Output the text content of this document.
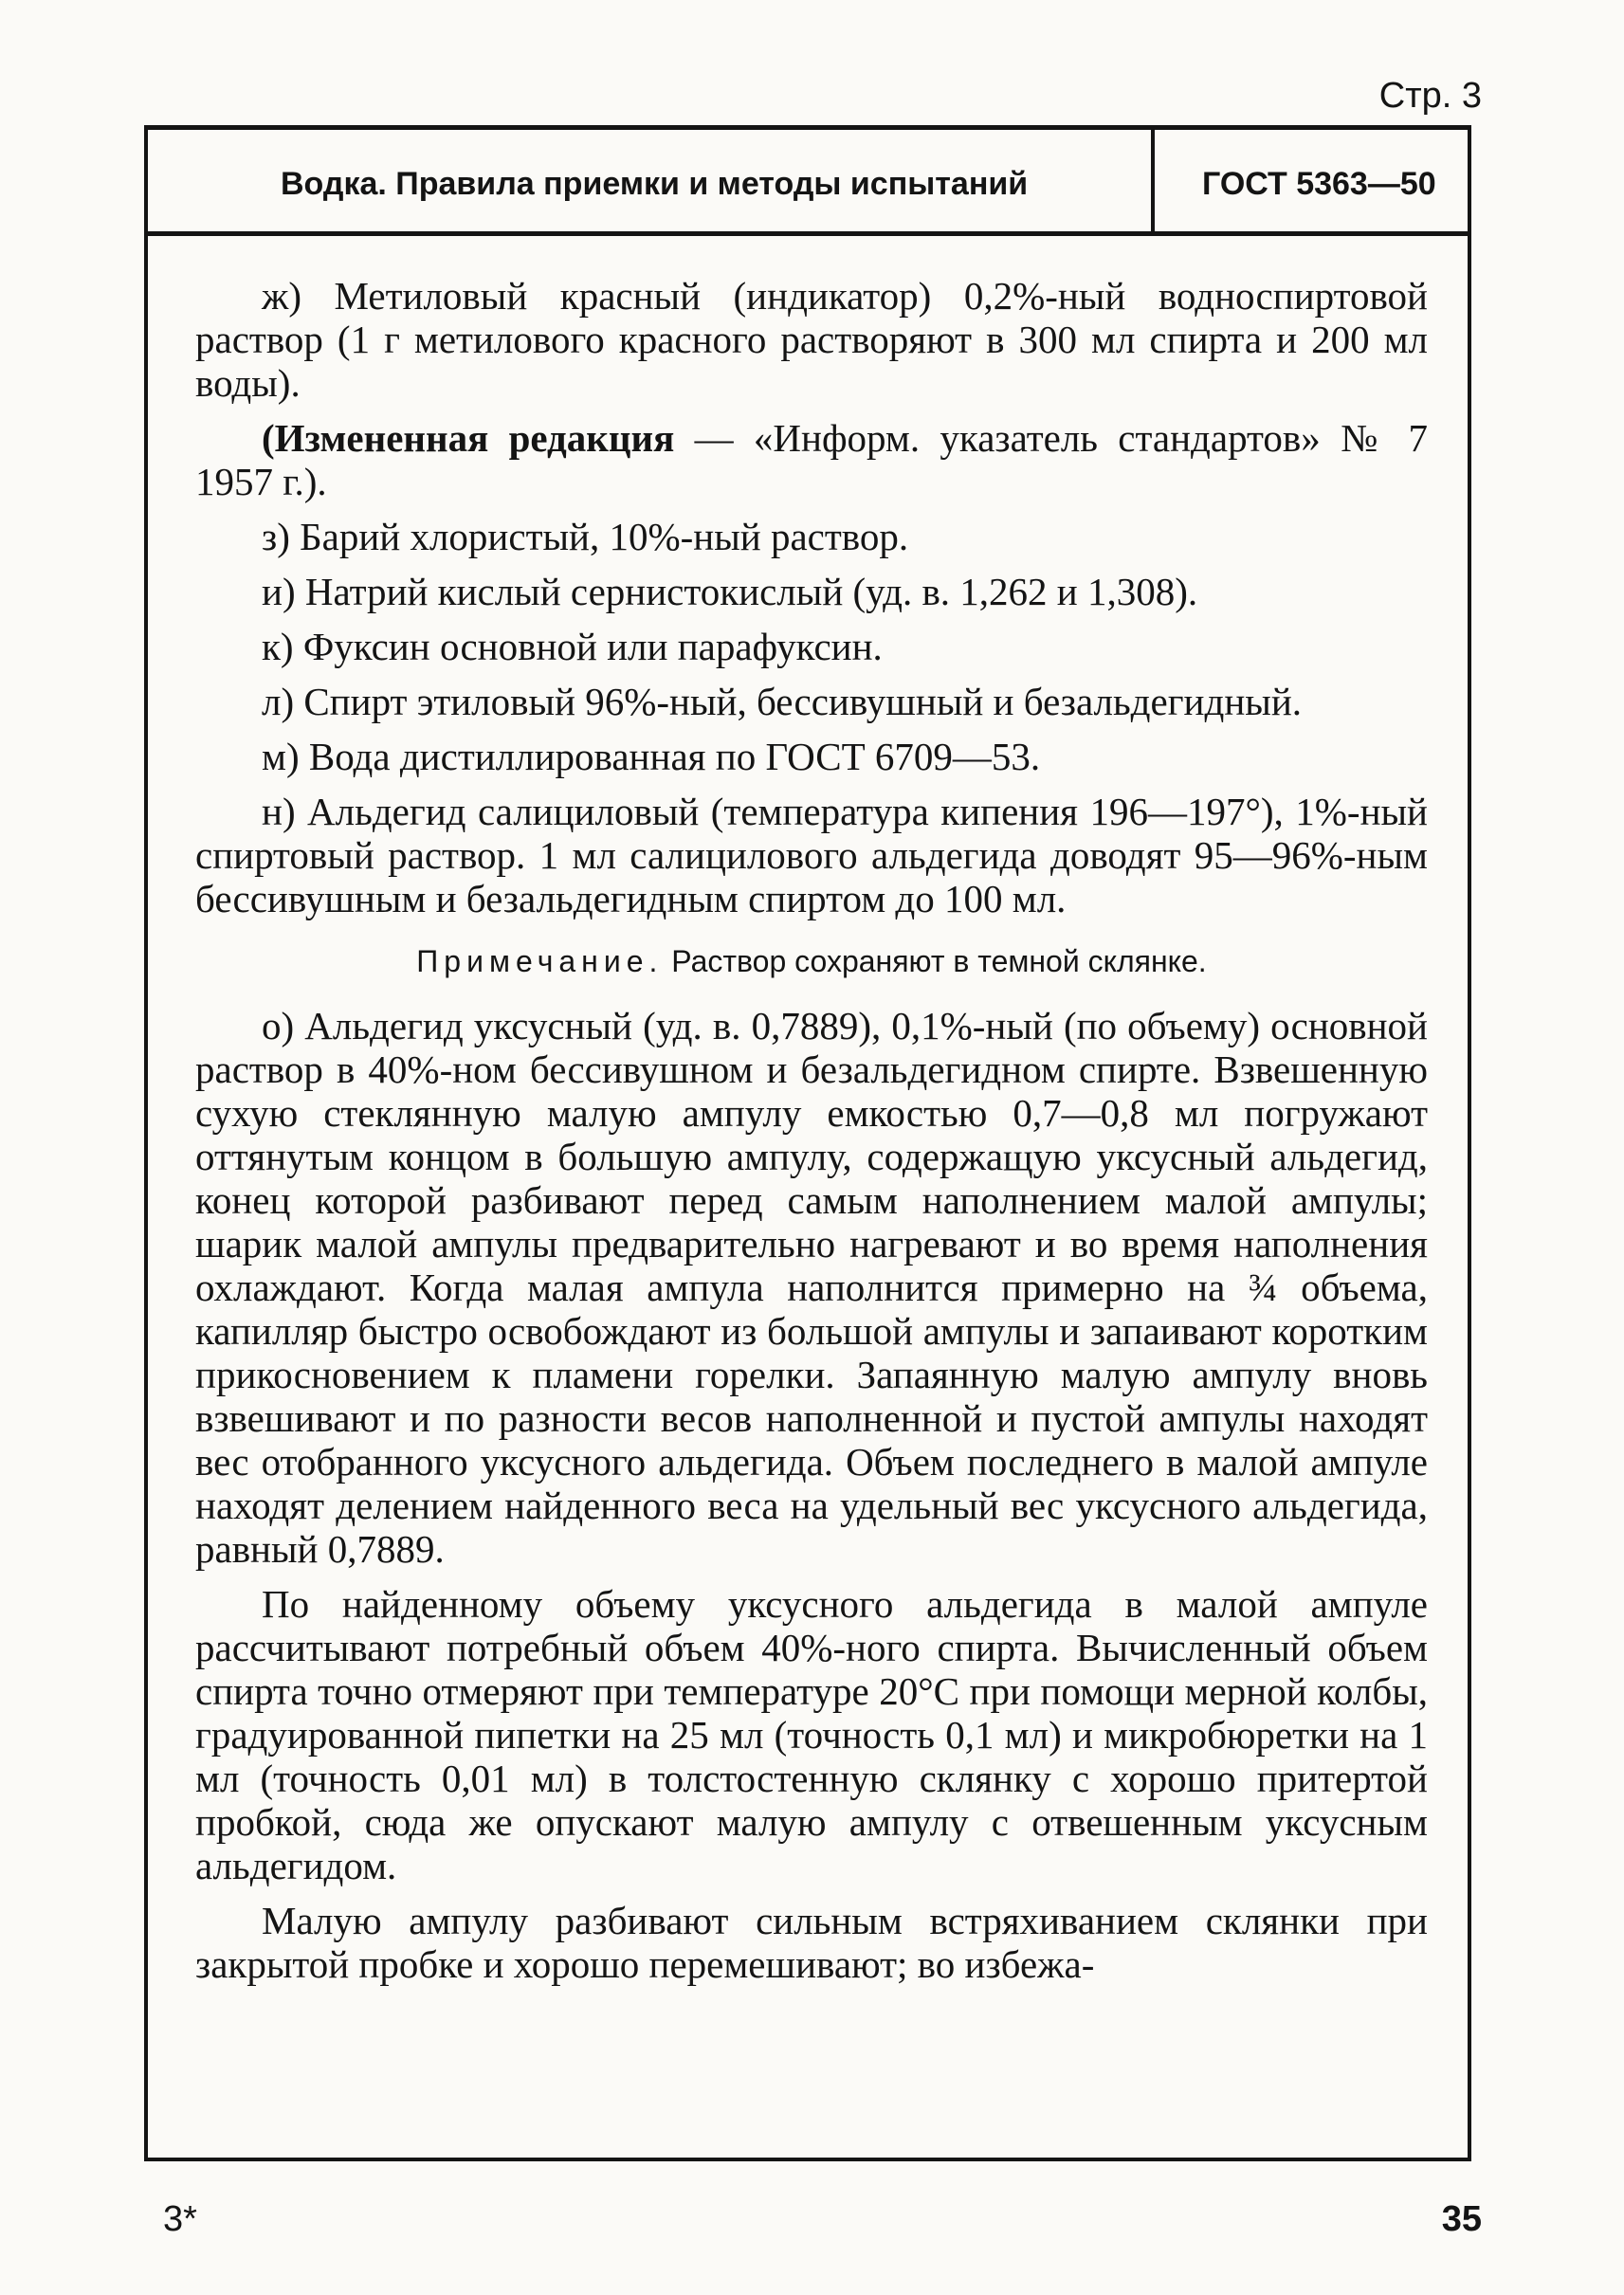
Стр. 3
Водка. Правила приемки и методы испытаний	ГОСТ 5363—50

ж) Метиловый красный (индикатор) 0,2%-ный водноспиртовой раствор (1 г метилового красного растворяют в 300 мл спирта и 200 мл воды).

(Измененная редакция — «Информ. указатель стандартов» № 7 1957 г.).

з) Барий хлористый, 10%-ный раствор.

и) Натрий кислый сернистокислый (уд. в. 1,262 и 1,308).

к) Фуксин основной или парафуксин.

л) Спирт этиловый 96%-ный, бессивушный и безальдегидный.

м) Вода дистиллированная по ГОСТ 6709—53.

н) Альдегид салициловый (температура кипения 196—197°), 1%-ный спиртовый раствор. 1 мл салицилового альдегида доводят 95—96%-ным бессивушным и безальдегидным спиртом до 100 мл.

Примечание. Раствор сохраняют в темной склянке.

о) Альдегид уксусный (уд. в. 0,7889), 0,1%-ный (по объему) основной раствор в 40%-ном бессивушном и безальдегидном спирте. Взвешенную сухую стеклянную малую ампулу емкостью 0,7—0,8 мл погружают оттянутым концом в большую ампулу, содержащую уксусный альдегид, конец которой разбивают перед самым наполнением малой ампулы; шарик малой ампулы предварительно нагревают и во время наполнения охлаждают. Когда малая ампула наполнится примерно на ¾ объема, капилляр быстро освобождают из большой ампулы и запаивают коротким прикосновением к пламени горелки. Запаянную малую ампулу вновь взвешивают и по разности весов наполненной и пустой ампулы находят вес отобранного уксусного альдегида. Объем последнего в малой ампуле находят делением найденного веса на удельный вес уксусного альдегида, равный 0,7889.

По найденному объему уксусного альдегида в малой ампуле рассчитывают потребный объем 40%-ного спирта. Вычисленный объем спирта точно отмеряют при температуре 20°С при помощи мерной колбы, градуированной пипетки на 25 мл (точность 0,1 мл) и микробюретки на 1 мл (точность 0,01 мл) в толстостенную склянку с хорошо притертой пробкой, сюда же опускают малую ампулу с отвешенным уксусным альдегидом.

Малую ампулу разбивают сильным встряхиванием склянки при закрытой пробке и хорошо перемешивают; во избежа-

3*	35
